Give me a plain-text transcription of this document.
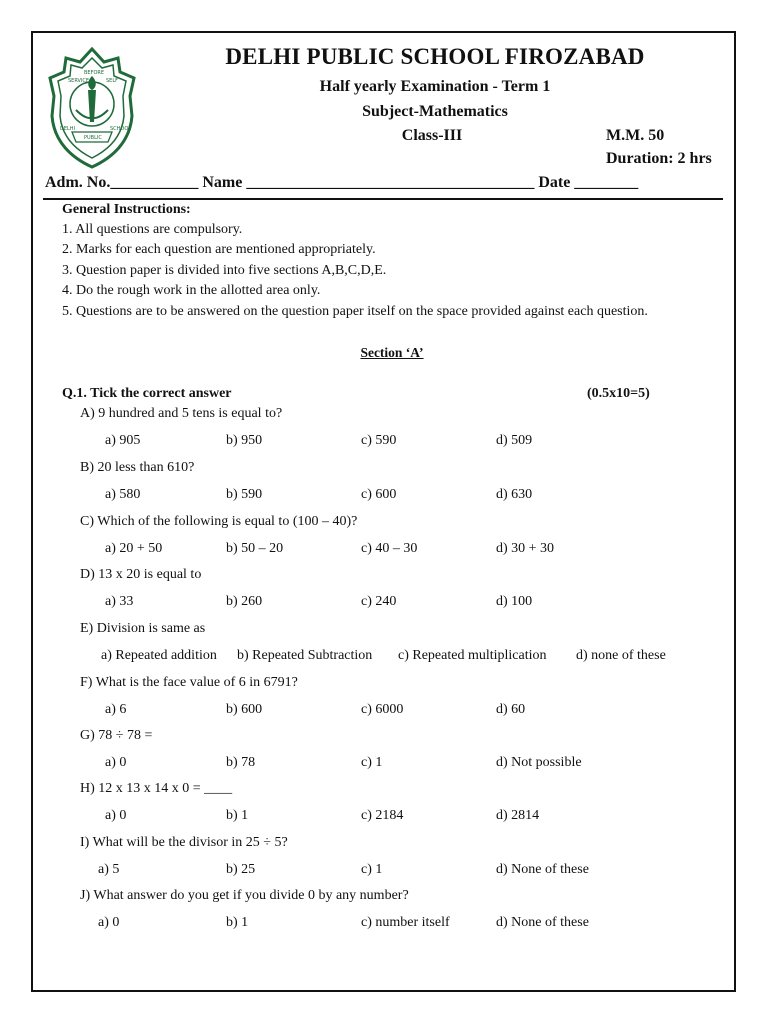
SERVICE
BEFORE
SELF
DELHI
PUBLIC
SCHOOL
DELHI PUBLIC SCHOOL FIROZABAD
Half yearly Examination - Term 1
Subject-Mathematics
Class-III	M.M. 50
Duration: 2 hrs
Adm. No.___________ Name ____________________________________ Date ________
General Instructions:
1. All questions are compulsory.
2. Marks for each question are mentioned appropriately.
3. Question paper is divided into five sections A,B,C,D,E.
4. Do the rough work in the allotted area only.
5. Questions are to be answered on the question paper itself on the space provided against each question.
Section ‘A’
Q.1. Tick the correct answer	(0.5x10=5)
A) 9 hundred and 5 tens is equal to?
a) 905	b) 950	c) 590	d) 509
B) 20 less than 610?
a) 580	b) 590	c) 600	d) 630
C) Which of the following is equal to (100 – 40)?
a) 20 + 50	b) 50 – 20	c) 40 – 30	d) 30 + 30
D) 13 x 20 is equal to
a) 33	b) 260	c) 240	d) 100
E) Division is same as
a) Repeated addition b) Repeated Subtraction c) Repeated multiplication d) none of these
F) What is the face value of 6 in 6791?
a) 6	b) 600	c) 6000	d) 60
G) 78 ÷ 78 =
a) 0	b) 78	c) 1	d) Not possible
H) 12 x 13 x 14 x 0 = ____
a) 0	b) 1	c) 2184	d) 2814
I) What will be the divisor in 25 ÷ 5?
a) 5	b) 25	c) 1	d) None of these
J) What answer do you get if you divide 0 by any number?
a) 0	b) 1	c) number itself	d) None of these
